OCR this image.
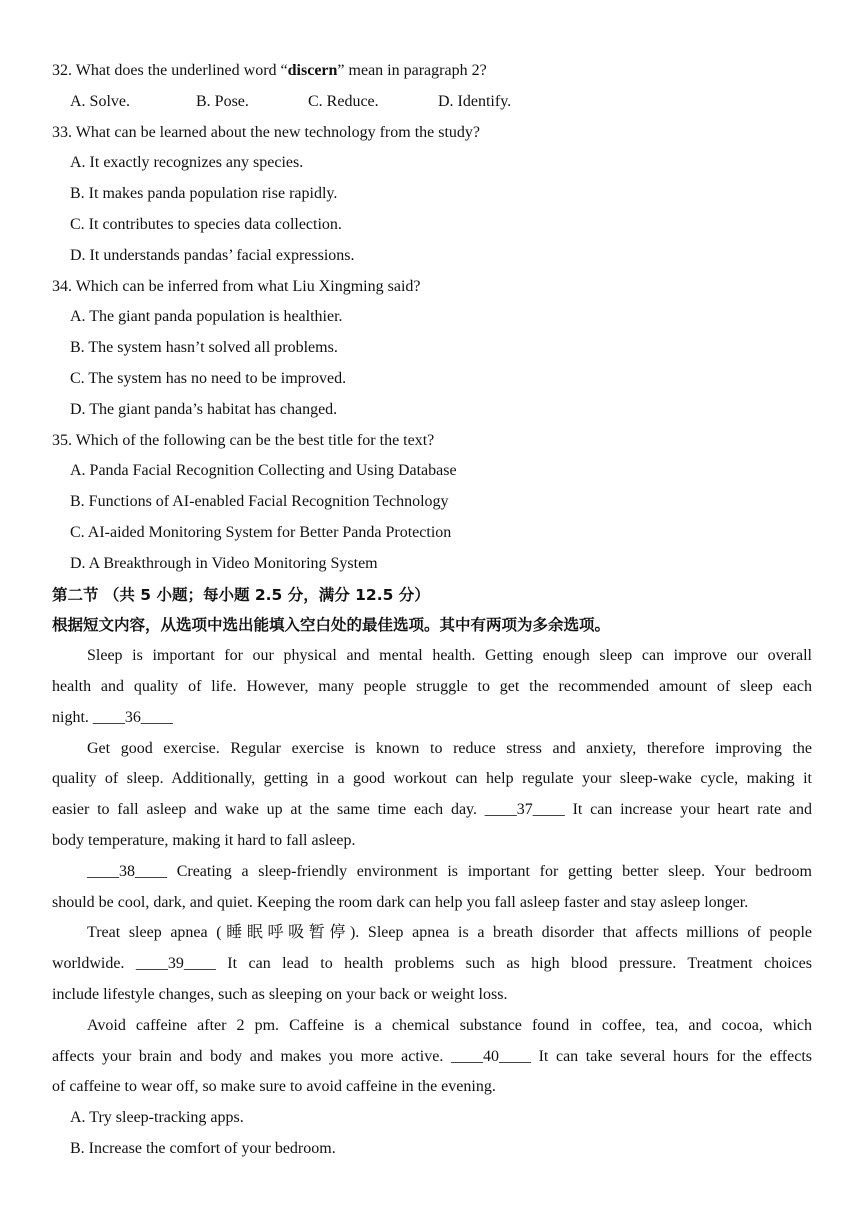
32. What does the underlined word “discern” mean in paragraph 2?
A. Solve.	B. Pose.	C. Reduce.	D. Identify.
33. What can be learned about the new technology from the study?
A. It exactly recognizes any species.
B. It makes panda population rise rapidly.
C. It contributes to species data collection.
D. It understands pandas’ facial expressions.
34. Which can be inferred from what Liu Xingming said?
A. The giant panda population is healthier.
B. The system hasn’t solved all problems.
C. The system has no need to be improved.
D. The giant panda’s habitat has changed.
35. Which of the following can be the best title for the text?
A. Panda Facial Recognition Collecting and Using Database
B. Functions of AI-enabled Facial Recognition Technology
C. AI-aided Monitoring System for Better Panda Protection
D. A Breakthrough in Video Monitoring System
第二节 （共 5 小题；每小题 2.5 分，满分 12.5 分）
根据短文内容，从选项中选出能填入空白处的最佳选项。其中有两项为多余选项。
Sleep is important for our physical and mental health. Getting enough sleep can improve our overall
health and quality of life. However, many people struggle to get the recommended amount of sleep each
night. ____36____
Get good exercise. Regular exercise is known to reduce stress and anxiety, therefore improving the
quality of sleep. Additionally, getting in a good workout can help regulate your sleep-wake cycle, making it
easier to fall asleep and wake up at the same time each day. ____37____ It can increase your heart rate and
body temperature, making it hard to fall asleep.
____38____ Creating a sleep-friendly environment is important for getting better sleep. Your bedroom
should be cool, dark, and quiet. Keeping the room dark can help you fall asleep faster and stay asleep longer.
Treat sleep apnea (睡眠呼吸暂停). Sleep apnea is a breath disorder that affects millions of people
worldwide. ____39____ It can lead to health problems such as high blood pressure. Treatment choices
include lifestyle changes, such as sleeping on your back or weight loss.
Avoid caffeine after 2 pm. Caffeine is a chemical substance found in coffee, tea, and cocoa, which
affects your brain and body and makes you more active. ____40____ It can take several hours for the effects
of caffeine to wear off, so make sure to avoid caffeine in the evening.
A. Try sleep-tracking apps.
B. Increase the comfort of your bedroom.
